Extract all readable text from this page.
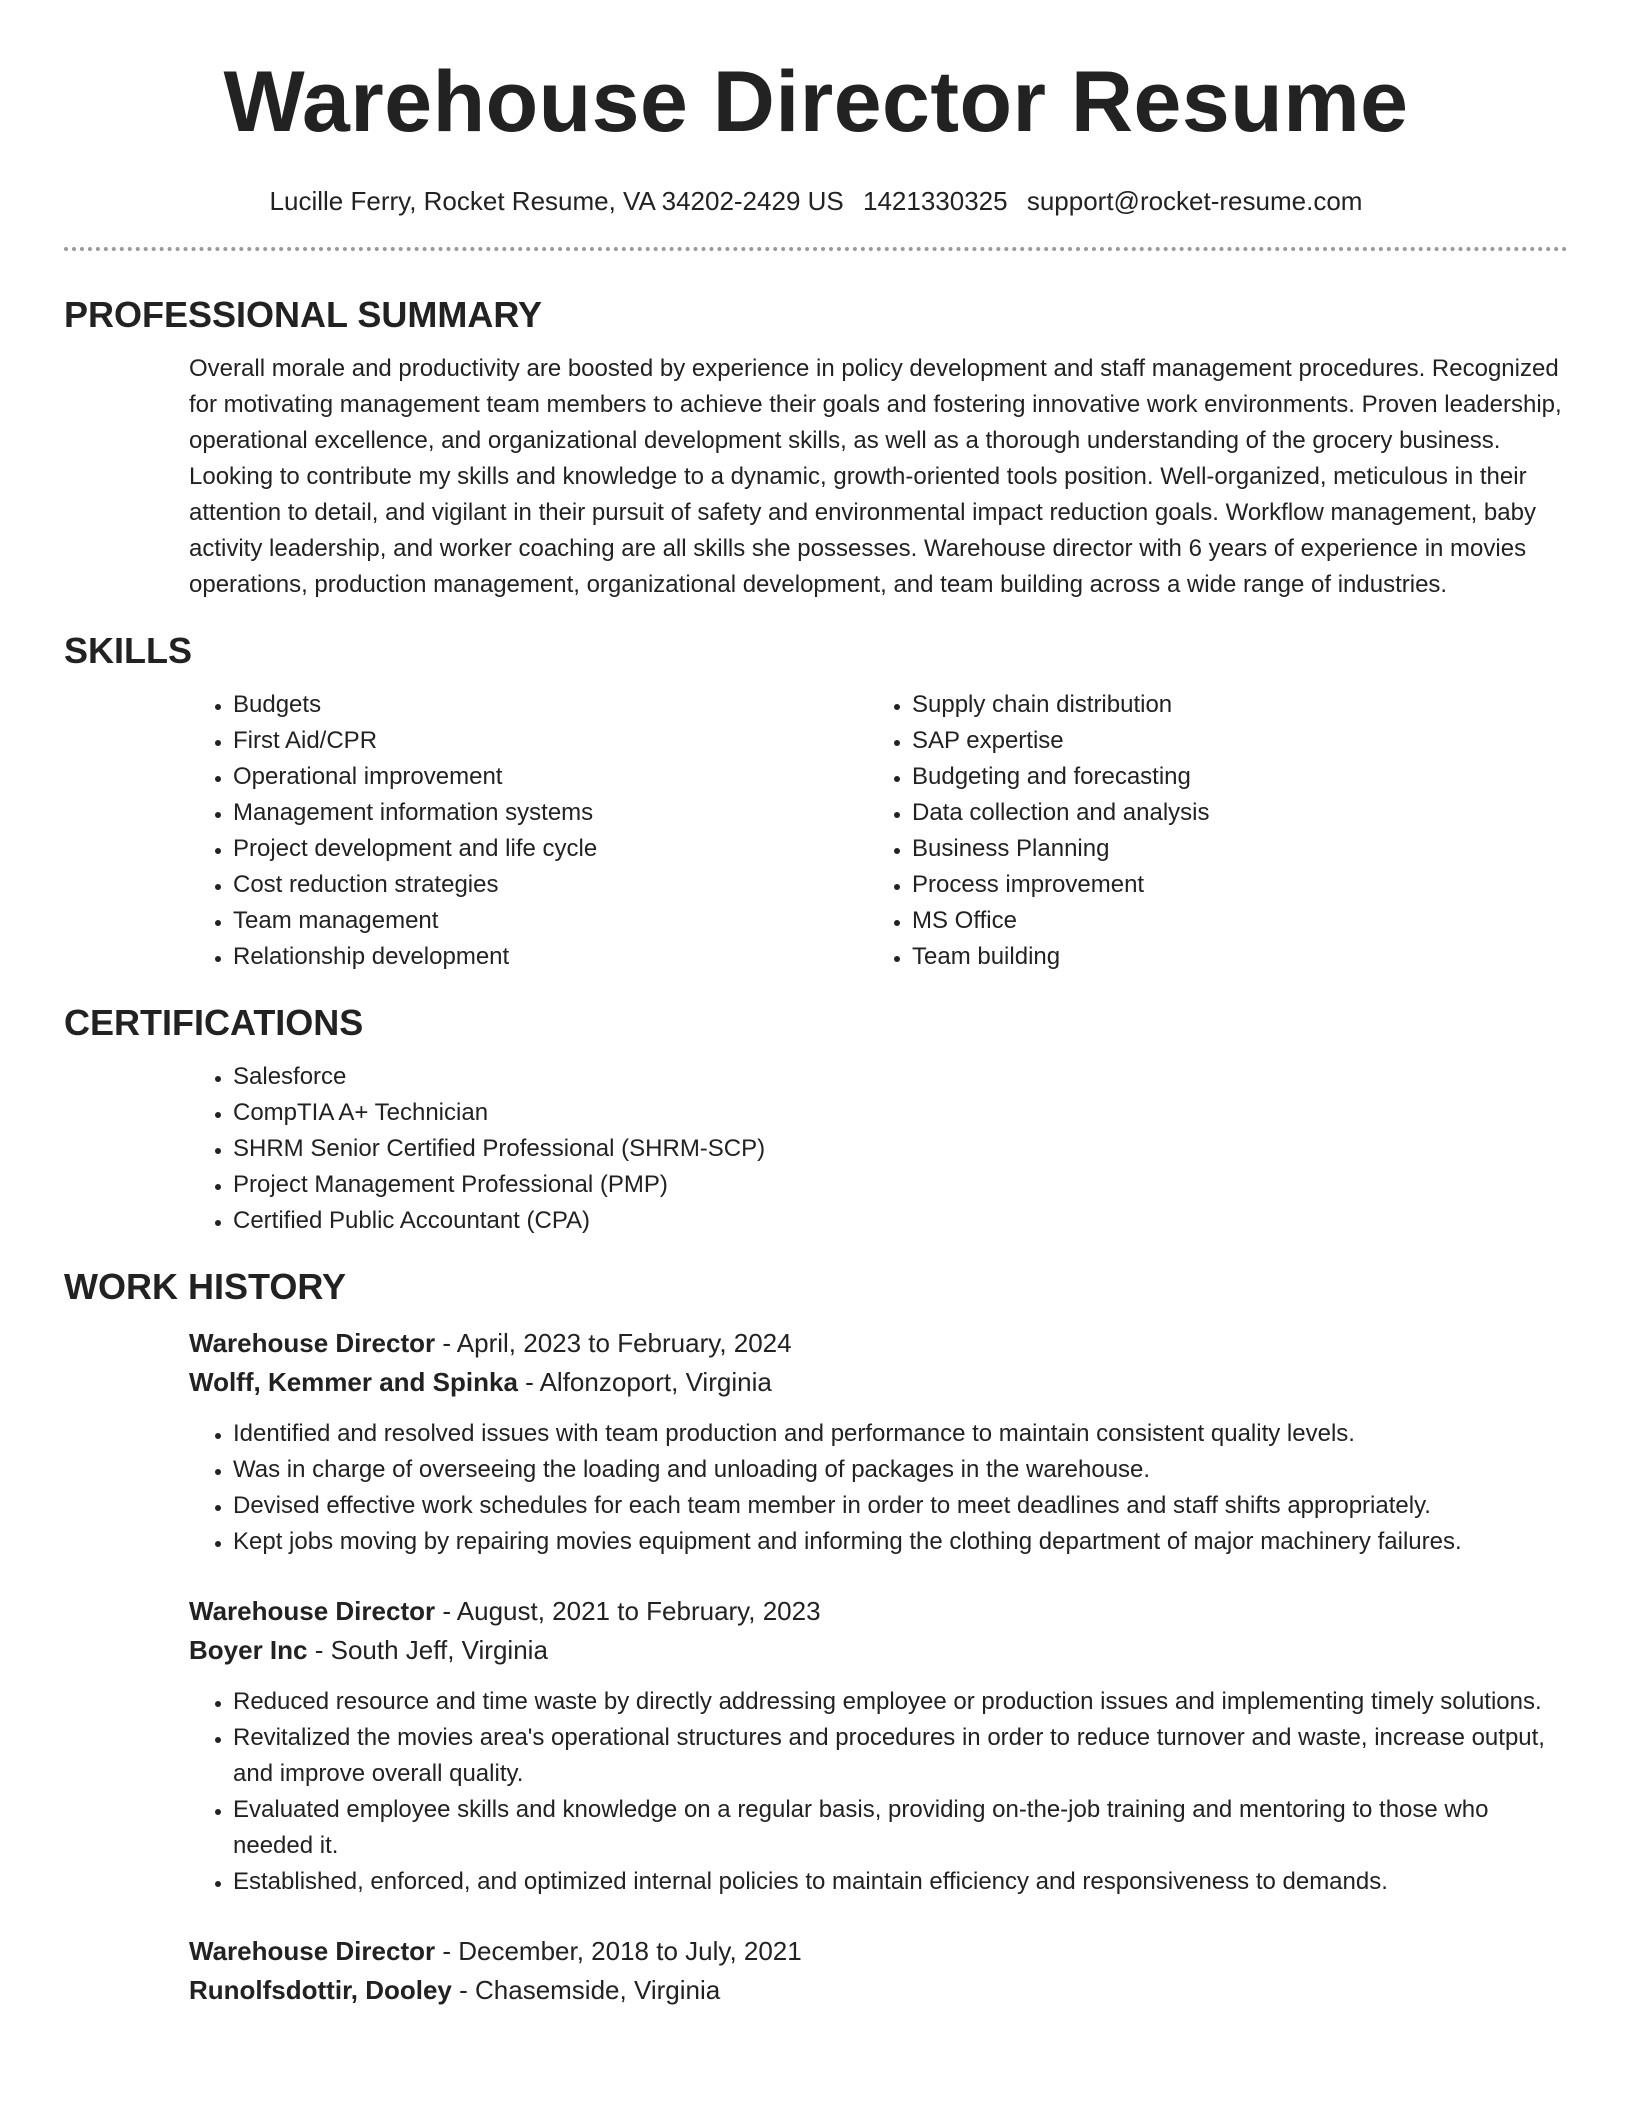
Warehouse Director Resume
Lucille Ferry, Rocket Resume, VA 34202-2429 US 1421330325 support@rocket-resume.com
PROFESSIONAL SUMMARY

Overall morale and productivity are boosted by experience in policy development and staff management procedures. Recognized for motivating management team members to achieve their goals and fostering innovative work environments. Proven leadership, operational excellence, and organizational development skills, as well as a thorough understanding of the grocery business. Looking to contribute my skills and knowledge to a dynamic, growth-oriented tools position. Well-organized, meticulous in their attention to detail, and vigilant in their pursuit of safety and environmental impact reduction goals. Workflow management, baby activity leadership, and worker coaching are all skills she possesses. Warehouse director with 6 years of experience in movies operations, production management, organizational development, and team building across a wide range of industries.

SKILLS
• Budgets
• First Aid/CPR
• Operational improvement
• Management information systems
• Project development and life cycle
• Cost reduction strategies
• Team management
• Relationship development
• Supply chain distribution
• SAP expertise
• Budgeting and forecasting
• Data collection and analysis
• Business Planning
• Process improvement
• MS Office
• Team building
CERTIFICATIONS
• Salesforce
• CompTIA A+ Technician
• SHRM Senior Certified Professional (SHRM-SCP)
• Project Management Professional (PMP)
• Certified Public Accountant (CPA)
WORK HISTORY
Warehouse Director - April, 2023 to February, 2024
Wolff, Kemmer and Spinka - Alfonzoport, Virginia
• Identified and resolved issues with team production and performance to maintain consistent quality levels.
• Was in charge of overseeing the loading and unloading of packages in the warehouse.
• Devised effective work schedules for each team member in order to meet deadlines and staff shifts appropriately.
• Kept jobs moving by repairing movies equipment and informing the clothing department of major machinery failures.
Warehouse Director - August, 2021 to February, 2023
Boyer Inc - South Jeff, Virginia
• Reduced resource and time waste by directly addressing employee or production issues and implementing timely solutions.
• Revitalized the movies area's operational structures and procedures in order to reduce turnover and waste, increase output, and improve overall quality.
• Evaluated employee skills and knowledge on a regular basis, providing on-the-job training and mentoring to those who needed it.
• Established, enforced, and optimized internal policies to maintain efficiency and responsiveness to demands.
Warehouse Director - December, 2018 to July, 2021
Runolfsdottir, Dooley - Chasemside, Virginia
